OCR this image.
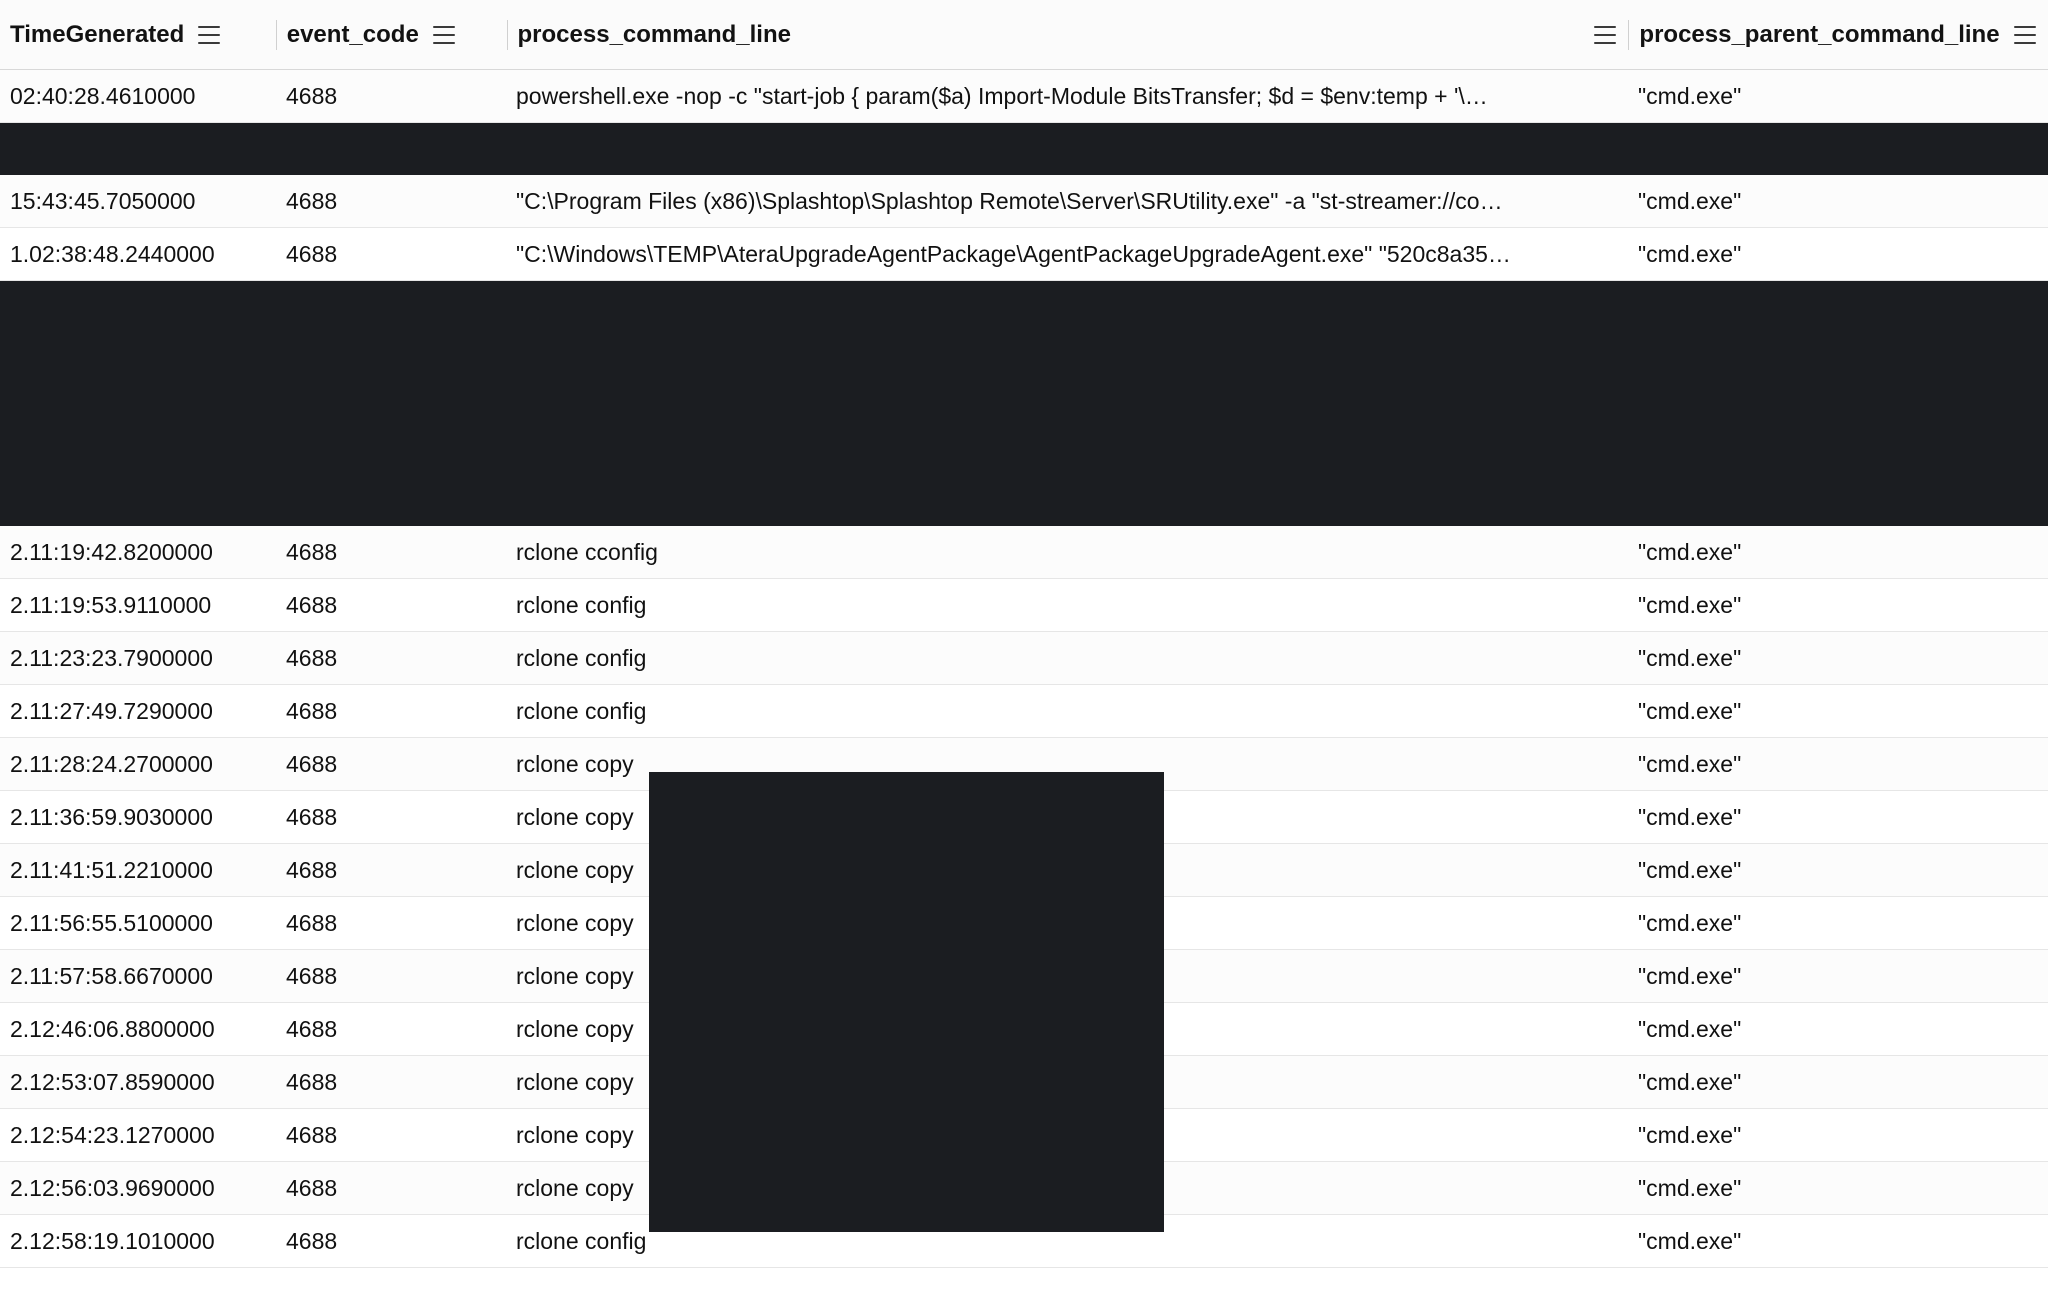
TimeGenerated	event_code	process_command_line	process_parent_command_line
02:40:28.4610000	4688	powershell.exe -nop -c "start-job { param($a) Import-Module BitsTransfer; $d = $env:temp + '\…	"cmd.exe"
15:43:45.7050000	4688	"C:\Program Files (x86)\Splashtop\Splashtop Remote\Server\SRUtility.exe" -a "st-streamer://co…	"cmd.exe"
1.02:38:48.2440000	4688	"C:\Windows\TEMP\AteraUpgradeAgentPackage\AgentPackageUpgradeAgent.exe" "520c8a35…	"cmd.exe"
2.11:19:42.8200000	4688	rclone cconfig	"cmd.exe"
2.11:19:53.9110000	4688	rclone config	"cmd.exe"
2.11:23:23.7900000	4688	rclone config	"cmd.exe"
2.11:27:49.7290000	4688	rclone config	"cmd.exe"
2.11:28:24.2700000	4688	rclone copy	"cmd.exe"
2.11:36:59.9030000	4688	rclone copy	"cmd.exe"
2.11:41:51.2210000	4688	rclone copy	"cmd.exe"
2.11:56:55.5100000	4688	rclone copy	"cmd.exe"
2.11:57:58.6670000	4688	rclone copy	"cmd.exe"
2.12:46:06.8800000	4688	rclone copy	"cmd.exe"
2.12:53:07.8590000	4688	rclone copy	"cmd.exe"
2.12:54:23.1270000	4688	rclone copy	"cmd.exe"
2.12:56:03.9690000	4688	rclone copy	"cmd.exe"
2.12:58:19.1010000	4688	rclone config	"cmd.exe"
